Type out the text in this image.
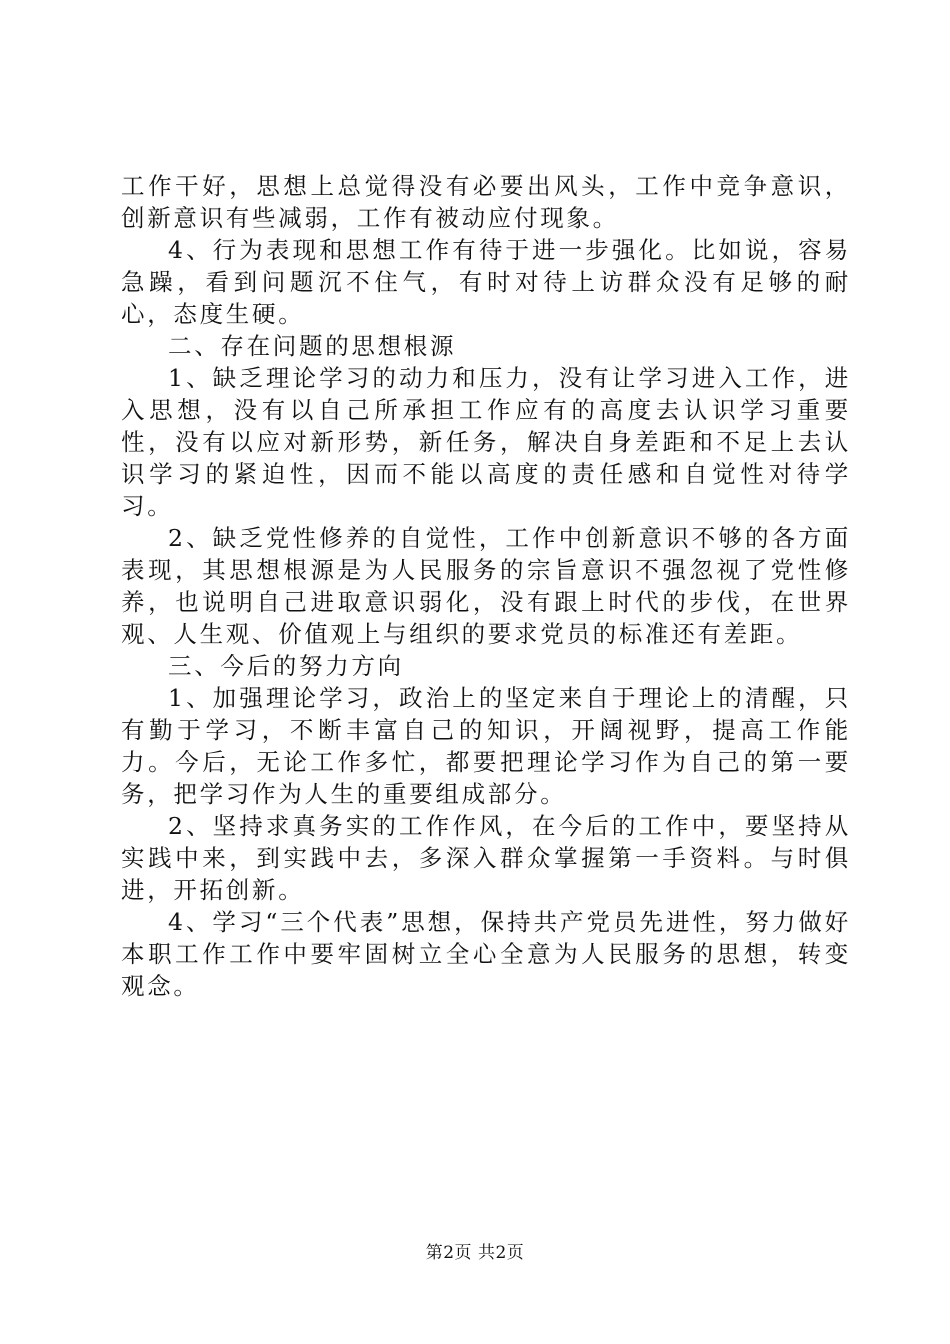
工作干好，思想上总觉得没有必要出风头，工作中竞争意识，创新意识有些减弱，工作有被动应付现象。

4、行为表现和思想工作有待于进一步强化。比如说，容易急躁，看到问题沉不住气，有时对待上访群众没有足够的耐心，态度生硬。

二、存在问题的思想根源

1、缺乏理论学习的动力和压力，没有让学习进入工作，进入思想，没有以自己所承担工作应有的高度去认识学习重要性，没有以应对新形势，新任务，解决自身差距和不足上去认识学习的紧迫性，因而不能以高度的责任感和自觉性对待学习。

2、缺乏党性修养的自觉性，工作中创新意识不够的各方面表现，其思想根源是为人民服务的宗旨意识不强忽视了党性修养，也说明自己进取意识弱化，没有跟上时代的步伐，在世界观、人生观、价值观上与组织的要求党员的标准还有差距。

三、今后的努力方向

1、加强理论学习，政治上的坚定来自于理论上的清醒，只有勤于学习，不断丰富自己的知识，开阔视野，提高工作能力。今后，无论工作多忙，都要把理论学习作为自己的第一要务，把学习作为人生的重要组成部分。

2、坚持求真务实的工作作风，在今后的工作中，要坚持从实践中来，到实践中去，多深入群众掌握第一手资料。与时俱进，开拓创新。

4、学习“三个代表”思想，保持共产党员先进性，努力做好本职工作工作中要牢固树立全心全意为人民服务的思想，转变观念。

第2页 共2页
